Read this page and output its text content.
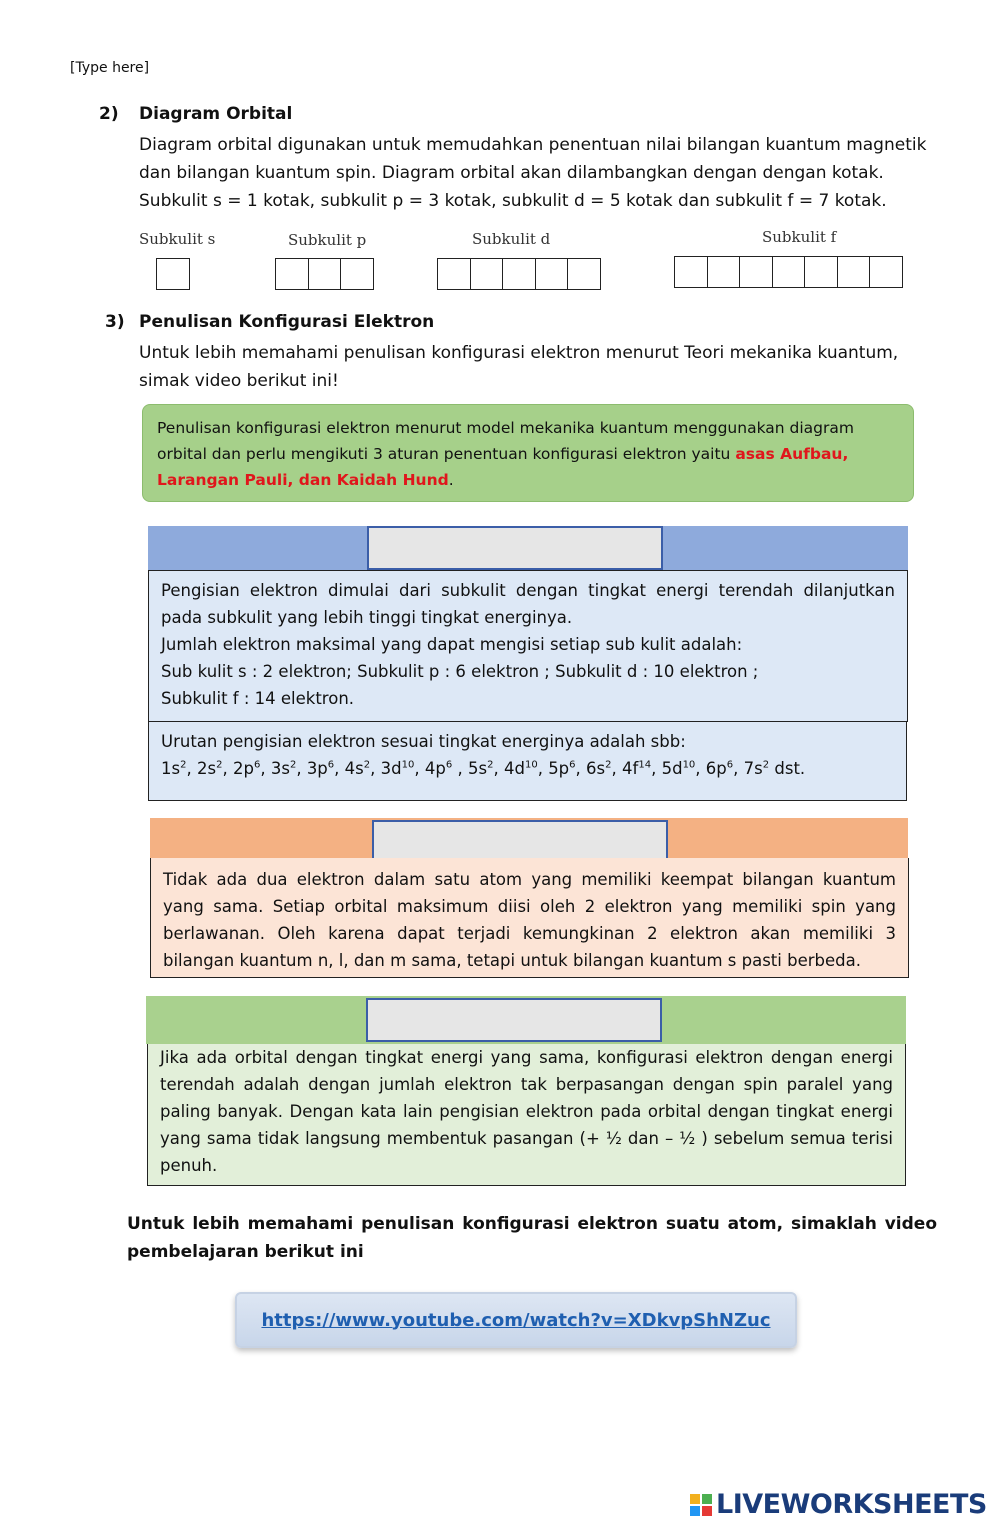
[Type here]
2) Diagram Orbital
Diagram orbital digunakan untuk memudahkan penentuan nilai bilangan kuantum magnetik
dan bilangan kuantum spin. Diagram orbital akan dilambangkan dengan dengan kotak.
Subkulit s = 1 kotak, subkulit p = 3 kotak, subkulit d = 5 kotak dan subkulit f = 7 kotak.
Subkulit s	Subkulit p	Subkulit d	Subkulit f
3) Penulisan Konfigurasi Elektron
Untuk lebih memahami penulisan konfigurasi elektron menurut Teori mekanika kuantum,
simak video berikut ini!
Penulisan konfigurasi elektron menurut model mekanika kuantum menggunakan diagram orbital dan perlu mengikuti 3 aturan penentuan konfigurasi elektron yaitu asas Aufbau, Larangan Pauli, dan Kaidah Hund.
Pengisian elektron dimulai dari subkulit dengan tingkat energi terendah dilanjutkan pada subkulit yang lebih tinggi tingkat energinya.
Jumlah elektron maksimal yang dapat mengisi setiap sub kulit adalah:
Sub kulit s : 2 elektron; Subkulit p : 6 elektron ; Subkulit d : 10 elektron ;
Subkulit f : 14 elektron.
Urutan pengisian elektron sesuai tingkat energinya adalah sbb:
$1s^2$, $2s^2$, $2p^6$, $3s^2$, $3p^6$, $4s^2$, $3d^{10}$, $4p^6$ , $5s^2$, $4d^{10}$, $5p^6$, $6s^2$, $4f^{14}$, $5d^{10}$, $6p^6$, $7s^2$ dst.
Tidak ada dua elektron dalam satu atom yang memiliki keempat bilangan kuantum yang sama. Setiap orbital maksimum diisi oleh 2 elektron yang memiliki spin yang berlawanan. Oleh karena dapat terjadi kemungkinan 2 elektron akan memiliki 3 bilangan kuantum n, l, dan m sama, tetapi untuk bilangan kuantum s pasti berbeda.
Jika ada orbital dengan tingkat energi yang sama, konfigurasi elektron dengan energi terendah adalah dengan jumlah elektron tak berpasangan dengan spin paralel yang paling banyak. Dengan kata lain pengisian elektron pada orbital dengan tingkat energi yang sama tidak langsung membentuk pasangan (+ ½ dan – ½ ) sebelum semua terisi penuh.
Untuk lebih memahami penulisan konfigurasi elektron suatu atom, simaklah video pembelajaran berikut ini
https://www.youtube.com/watch?v=XDkvpShNZuc
LIVEWORKSHEETS
